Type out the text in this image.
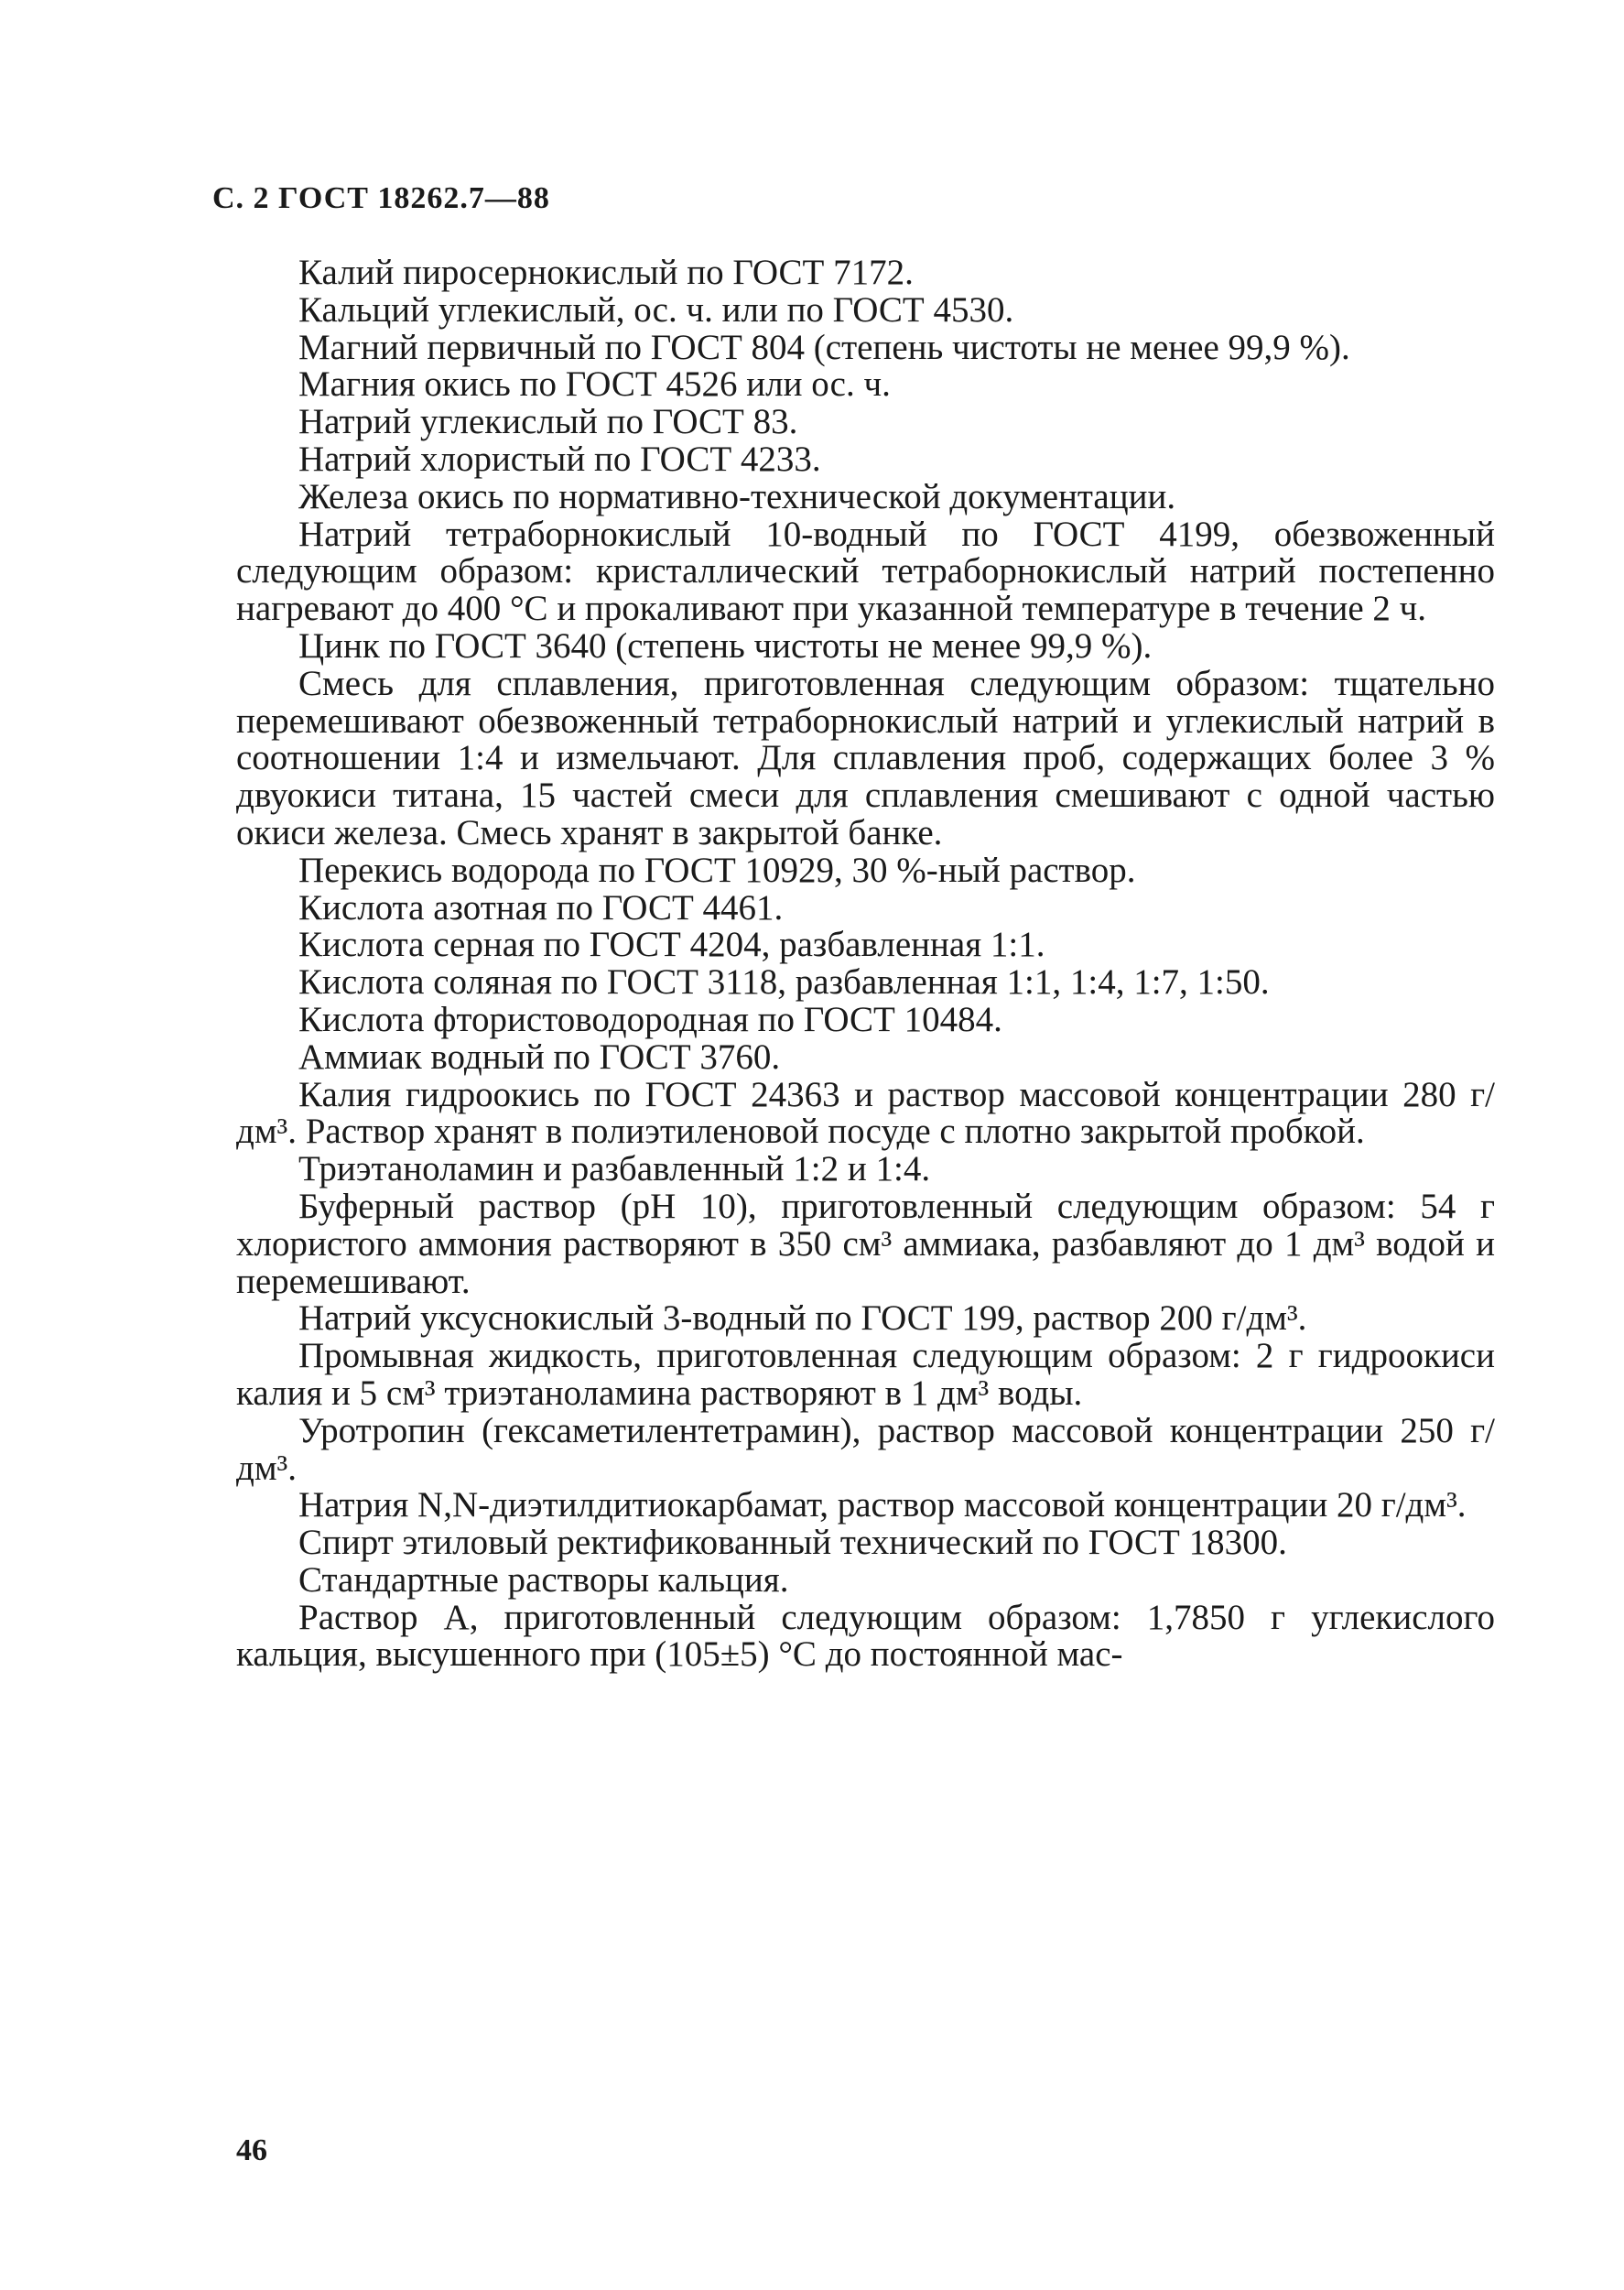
С. 2 ГОСТ 18262.7—88

Калий пиросернокислый по ГОСТ 7172.

Кальций углекислый, ос. ч. или по ГОСТ 4530.

Магний первичный по ГОСТ 804 (степень чистоты не менее 99,9 %).

Магния окись по ГОСТ 4526 или ос. ч.

Натрий углекислый по ГОСТ 83.

Натрий хлористый по ГОСТ 4233.

Железа окись по нормативно-технической документации.

Натрий тетраборнокислый 10-водный по ГОСТ 4199, обезвоженный следующим образом: кристаллический тетраборнокислый натрий постепенно нагревают до 400 °С и прокаливают при указанной температуре в течение 2 ч.

Цинк по ГОСТ 3640 (степень чистоты не менее 99,9 %).

Смесь для сплавления, приготовленная следующим образом: тщательно перемешивают обезвоженный тетраборнокислый натрий и углекислый натрий в соотношении 1:4 и измельчают. Для сплавления проб, содержащих более 3 % двуокиси титана, 15 частей смеси для сплавления смешивают с одной частью окиси железа. Смесь хранят в закрытой банке.

Перекись водорода по ГОСТ 10929, 30 %-ный раствор.

Кислота азотная по ГОСТ 4461.

Кислота серная по ГОСТ 4204, разбавленная 1:1.

Кислота соляная по ГОСТ 3118, разбавленная 1:1, 1:4, 1:7, 1:50.

Кислота фтористоводородная по ГОСТ 10484.

Аммиак водный по ГОСТ 3760.

Калия гидроокись по ГОСТ 24363 и раствор массовой концентрации 280 г/дм³. Раствор хранят в полиэтиленовой посуде с плотно закрытой пробкой.

Триэтаноламин и разбавленный 1:2 и 1:4.

Буферный раствор (рН 10), приготовленный следующим образом: 54 г хлористого аммония растворяют в 350 см³ аммиака, разбавляют до 1 дм³ водой и перемешивают.

Натрий уксуснокислый 3-водный по ГОСТ 199, раствор 200 г/дм³.

Промывная жидкость, приготовленная следующим образом: 2 г гидроокиси калия и 5 см³ триэтаноламина растворяют в 1 дм³ воды.

Уротропин (гексаметилентетрамин), раствор массовой концентрации 250 г/дм³.

Натрия N,N-диэтилдитиокарбамат, раствор массовой концентрации 20 г/дм³.

Спирт этиловый ректификованный технический по ГОСТ 18300.

Стандартные растворы кальция.

Раствор А, приготовленный следующим образом: 1,7850 г углекислого кальция, высушенного при (105±5) °С до постоянной мас-

46
